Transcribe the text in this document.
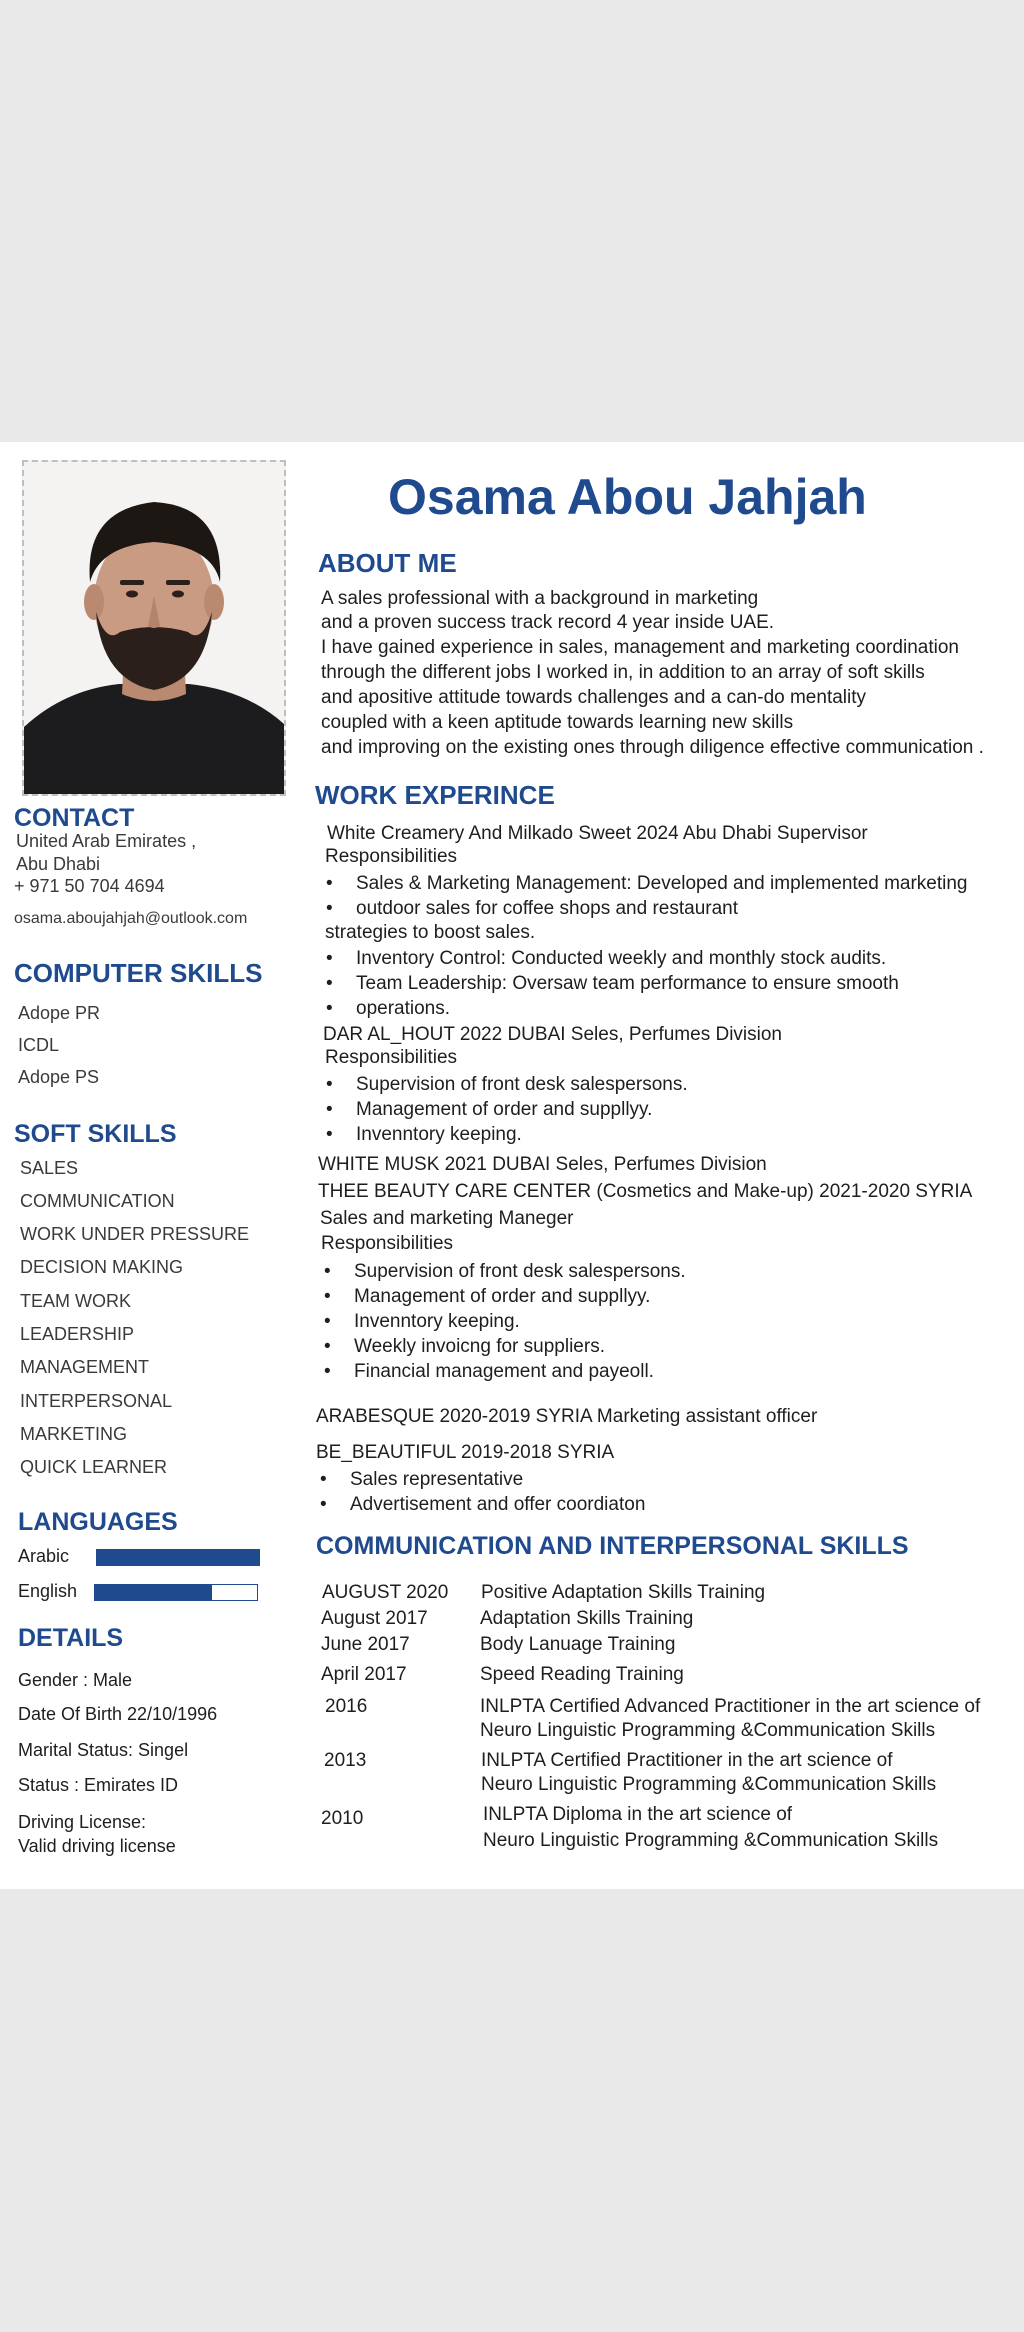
Osama Abou Jahjah
ABOUT ME
A sales professional with a background in marketing
and a proven success track record 4 year inside UAE.
I have gained experience in sales, management and marketing coordination
through the different jobs I worked in, in addition to an array of soft skills
and apositive attitude towards challenges and a can-do mentality
coupled with a keen aptitude towards learning new skills
and improving on the existing ones through diligence effective communication .
WORK EXPERINCE
White Creamery And Milkado Sweet 2024 Abu Dhabi Supervisor
Responsibilities
• Sales & Marketing Management: Developed and implemented marketing
• outdoor sales for coffee shops and restaurant
strategies to boost sales.
• Inventory Control: Conducted weekly and monthly stock audits.
• Team Leadership: Oversaw team performance to ensure smooth
• operations.
DAR AL_HOUT 2022 DUBAI Seles, Perfumes Division
Responsibilities
• Supervision of front desk salespersons.
• Management of order and suppllyy.
• Invenntory keeping.
WHITE MUSK 2021 DUBAI Seles, Perfumes Division
THEE BEAUTY CARE CENTER (Cosmetics and Make-up) 2021-2020 SYRIA
Sales and marketing Maneger
Responsibilities
• Supervision of front desk salespersons.
• Management of order and suppllyy.
• Invenntory keeping.
• Weekly invoicng for suppliers.
• Financial management and payeoll.
ARABESQUE 2020-2019 SYRIA Marketing assistant officer
BE_BEAUTIFUL 2019-2018 SYRIA
• Sales representative
• Advertisement and offer coordiaton
COMMUNICATION AND INTERPERSONAL SKILLS
AUGUST 2020 Positive Adaptation Skills Training
August 2017	Adaptation Skills Training
June 2017	Body Lanuage Training
April 2017	Speed Reading Training
2016	INLPTA Certified Advanced Practitioner in the art science of
Neuro Linguistic Programming &Communication Skills
2013	INLPTA Certified Practitioner in the art science of
Neuro Linguistic Programming &Communication Skills
2010	INLPTA Diploma in the art science of
Neuro Linguistic Programming &Communication Skills
CONTACT
United Arab Emirates ,
Abu Dhabi
+ 971 50 704 4694
osama.aboujahjah@outlook.com
COMPUTER SKILLS
Adope PR
ICDL
Adope PS
SOFT SKILLS
SALES
COMMUNICATION
WORK UNDER PRESSURE
DECISION MAKING
TEAM WORK
LEADERSHIP
MANAGEMENT
INTERPERSONAL
MARKETING
QUICK LEARNER
LANGUAGES
Arabic
English
DETAILS
Gender : Male
Date Of Birth 22/10/1996
Marital Status: Singel
Status : Emirates ID
Driving License:
Valid driving license
